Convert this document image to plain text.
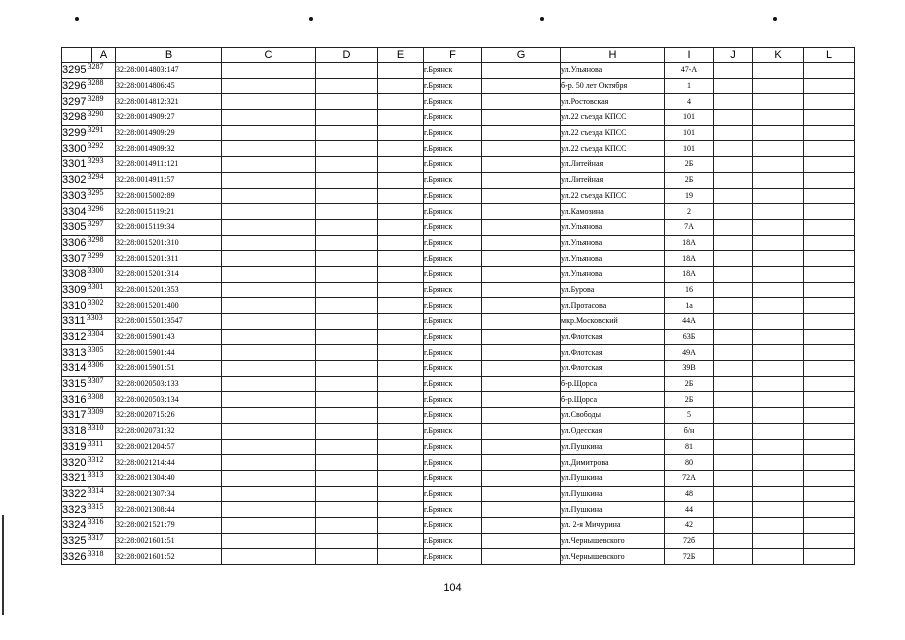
	A	B	C	D	E	F	G	H	I	J	K	L
$3295^{3287}$		32:28:0014803:147				г.Брянск		ул.Ульянова	47-А			
$3296^{3288}$		32:28:0014806:45				г.Брянск		б-р. 50 лет Октября	1			
$3297^{3289}$		32:28:0014812:321				г.Брянск		ул.Ростовская	4			
$3298^{3290}$		32:28:0014909:27				г.Брянск		ул.22 съезда КПСС	101			
$3299^{3291}$		32:28:0014909:29				г.Брянск		ул.22 съезда КПСС	101			
$3300^{3292}$		32:28:0014909:32				г.Брянск		ул.22 съезда КПСС	101			
$3301^{3293}$		32:28:0014911:121				г.Брянск		ул.Литейная	2Б			
$3302^{3294}$		32:28:0014911:57				г.Брянск		ул.Литейная	2Б			
$3303^{3295}$		32:28:0015002:89				г.Брянск		ул.22 съезда КПСС	19			
$3304^{3296}$		32:28:0015119:21				г.Брянск		ул.Камозина	2			
$3305^{3297}$		32:28:0015119:34				г.Брянск		ул.Ульянова	7А			
$3306^{3298}$		32:28:0015201:310				г.Брянск		ул.Ульянова	18А			
$3307^{3299}$		32:28:0015201:311				г.Брянск		ул.Ульянова	18А			
$3308^{3300}$		32:28:0015201:314				г.Брянск		ул.Ульянова	18А			
$3309^{3301}$		32:28:0015201:353				г.Брянск		ул.Бурова	16			
$3310^{3302}$		32:28:0015201:400				г.Брянск		ул.Протасова	1а			
$3311^{3303}$		32:28:0015501:3547				г.Брянск		мкр.Московский	44А			
$3312^{3304}$		32:28:0015901:43				г.Брянск		ул.Флотская	63Б			
$3313^{3305}$		32:28:0015901:44				г.Брянск		ул.Флотская	49А			
$3314^{3306}$		32:28:0015901:51				г.Брянск		ул.Флотская	39В			
$3315^{3307}$		32:28:0020503:133				г.Брянск		б-р.Щорса	2Б			
$3316^{3308}$		32:28:0020503:134				г.Брянск		б-р.Щорса	2Б			
$3317^{3309}$		32:28:0020715:26				г.Брянск		ул.Свободы	5			
$3318^{3310}$		32:28:0020731:32				г.Брянск		ул.Одесская	б/н			
$3319^{3311}$		32:28:0021204:57				г.Брянск		ул.Пушкина	81			
$3320^{3312}$		32:28:0021214:44				г.Брянск		ул.Димитрова	80			
$3321^{3313}$		32:28:0021304:40				г.Брянск		ул.Пушкина	72А			
$3322^{3314}$		32:28:0021307:34				г.Брянск		ул.Пушкина	48			
$3323^{3315}$		32:28:0021308:44				г.Брянск		ул.Пушкина	44			
$3324^{3316}$		32:28:0021521:79				г.Брянск		ул. 2-я Мичурина	42			
$3325^{3317}$		32:28:0021601:51				г.Брянск		ул.Чернышевского	72б			
$3326^{3318}$		32:28:0021601:52				г.Брянск		ул.Чернышевского	72Б			
104
